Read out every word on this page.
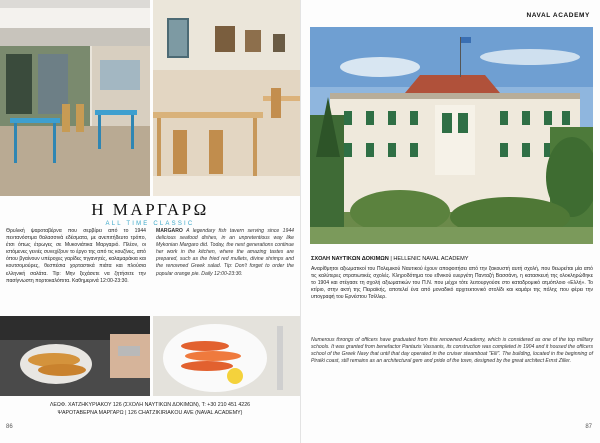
Η ΜΑΡΓΑΡΩ
ALL TIME CLASSIC
Θρυλική ψαροταβέρνα που σερβίρει από το 1944 πεντανόστιμα θαλασσινά εδέσματα, με ανεπιτήδευτο τρόπο, έτσι όπως έτρωγες σε Μυκονιάτικα Μαργαριό. Πλέον, οι ιστόμενες γενιές συνεχίζουν το έργο της από τις κουζίνες, από όπου βγαίνουν υπέροχες γαρίδες τηγανητές, καλαμαράκια και κουτσομούρες, θεσπέσια χορταστικά πιάτα και πλούσια ελληνική σαλάτα. Tip: Μην ξεχάσετε να ζητήσετε την πασίγνωστη πορτοκαλόπιτα. Καθημερινά 12:00-23:30.
MARGARO A legendary fish tavern serving since 1944 delicious seafood dishes, in an unpretentious way like Mykonian Margaro did. Today, the next generations continue her work in the kitchen, where the amazing tastes are prepared, such as the fried red mullets, divine shrimps and the renowned Greek salad. Tip: Don't forget to order the popular orange pie. Daily 12:00-23:30.
ΛΕΩΦ. ΧΑΤΖΗΚΥΡΙΑΚΟΥ 126 (ΣΧΟΛΗ ΝΑΥΤΙΚΩΝ ΔΟΚΙΜΩΝ), Τ: +30 210 451 4226
ΨΑΡΟΤΑΒΕΡΝΑ ΜΑΡΓΑΡΩ | 126 CHATZIKIRIAKOU AVE (NAVAL ACADEMY)
86
NAVAL ACADEMY
ΣΧΟΛΗ ΝΑΥΤΙΚΩΝ ΔΟΚΙΜΩΝ | HELLENIC NAVAL ACADEMY
Αναρίθμητοι αξιωματικοί του Πολεμικού Ναυτικού έχουν αποφοιτήσει από την ξακουστή αυτή σχολή, που θεωρείται μία από τις καλύτερες στρατιωτικές σχολές. Κληροδότημα του εθνικού ευεργέτη Πανταζή Βασσάνη, η κατασκευή της ολοκληρώθηκε το 1904 και στέγασε τη σχολή αξιωματικών του Π.Ν. που μέχρι τότε λειτουργούσε στο καταδρομικό ατμόπλοιο «Ελλή». Το κτίριο, στην ακτή της Πειραϊκής, αποτελεί ένα από μοναδικό αρχιτεκτονικό στολίδι και καμάρι της πόλης που φέρει την υπογραφή του Ερνέστου Τσίλλερ.
Numerous throngs of officers have graduated from this renowned Academy, which is considered as one of the top military schools. It was granted from benefactor Pantazis Vassanis, its construction was completed in 1904 and it housed the officers school of the Greek Navy that until that day operated in the cruiser steamboat "Elli". The building, located in the beginning of Piraiki coast, still remains as an architectural gem and pride of the town, designed by the great architect Ernst Ziller.
87
